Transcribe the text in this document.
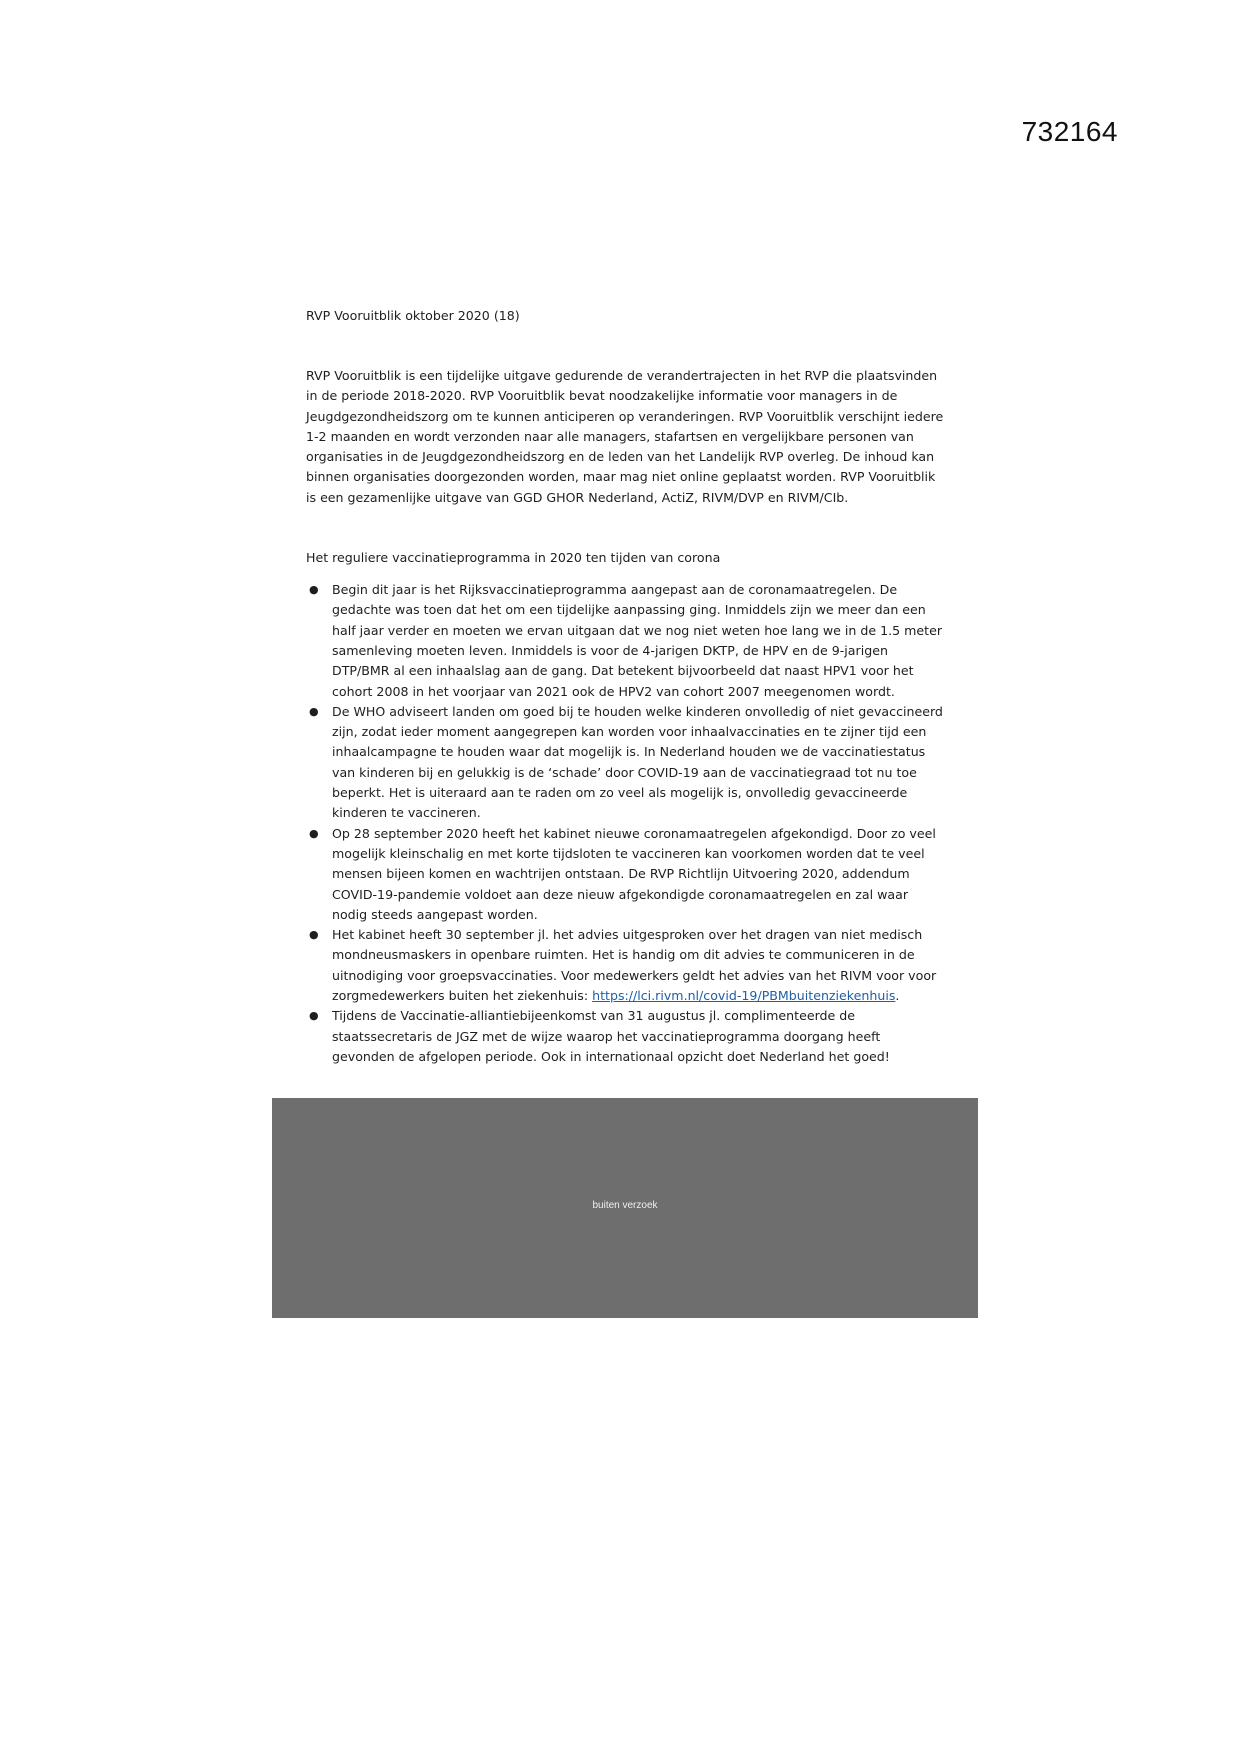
732164
RVP Vooruitblik oktober 2020 (18)

RVP Vooruitblik is een tijdelijke uitgave gedurende de verandertrajecten in het RVP die plaatsvinden in de periode 2018-2020. RVP Vooruitblik bevat noodzakelijke informatie voor managers in de Jeugdgezondheidszorg om te kunnen anticiperen op veranderingen. RVP Vooruitblik verschijnt iedere 1-2 maanden en wordt verzonden naar alle managers, stafartsen en vergelijkbare personen van organisaties in de Jeugdgezondheidszorg en de leden van het Landelijk RVP overleg. De inhoud kan binnen organisaties doorgezonden worden, maar mag niet online geplaatst worden. RVP Vooruitblik is een gezamenlijke uitgave van GGD GHOR Nederland, ActiZ, RIVM/DVP en RIVM/CIb.

Het reguliere vaccinatieprogramma in 2020 ten tijden van corona
● Begin dit jaar is het Rijksvaccinatieprogramma aangepast aan de coronamaatregelen. De gedachte was toen dat het om een tijdelijke aanpassing ging. Inmiddels zijn we meer dan een half jaar verder en moeten we ervan uitgaan dat we nog niet weten hoe lang we in de 1.5 meter samenleving moeten leven. Inmiddels is voor de 4-jarigen DKTP, de HPV en de 9-jarigen DTP/BMR al een inhaalslag aan de gang. Dat betekent bijvoorbeeld dat naast HPV1 voor het cohort 2008 in het voorjaar van 2021 ook de HPV2 van cohort 2007 meegenomen wordt.
● De WHO adviseert landen om goed bij te houden welke kinderen onvolledig of niet gevaccineerd zijn, zodat ieder moment aangegrepen kan worden voor inhaalvaccinaties en te zijner tijd een inhaalcampagne te houden waar dat mogelijk is. In Nederland houden we de vaccinatiestatus van kinderen bij en gelukkig is de ‘schade’ door COVID-19 aan de vaccinatiegraad tot nu toe beperkt. Het is uiteraard aan te raden om zo veel als mogelijk is, onvolledig gevaccineerde kinderen te vaccineren.
● Op 28 september 2020 heeft het kabinet nieuwe coronamaatregelen afgekondigd. Door zo veel mogelijk kleinschalig en met korte tijdsloten te vaccineren kan voorkomen worden dat te veel mensen bijeen komen en wachtrijen ontstaan. De RVP Richtlijn Uitvoering 2020, addendum COVID-19-pandemie voldoet aan deze nieuw afgekondigde coronamaatregelen en zal waar nodig steeds aangepast worden.
● Het kabinet heeft 30 september jl. het advies uitgesproken over het dragen van niet medisch mondneusmaskers in openbare ruimten. Het is handig om dit advies te communiceren in de uitnodiging voor groepsvaccinaties. Voor medewerkers geldt het advies van het RIVM voor voor zorgmedewerkers buiten het ziekenhuis: https://lci.rivm.nl/covid-19/PBMbuitenziekenhuis.
● Tijdens de Vaccinatie-alliantiebijeenkomst van 31 augustus jl. complimenteerde de staatssecretaris de JGZ met de wijze waarop het vaccinatieprogramma doorgang heeft gevonden de afgelopen periode. Ook in internationaal opzicht doet Nederland het goed!
buiten verzoek
